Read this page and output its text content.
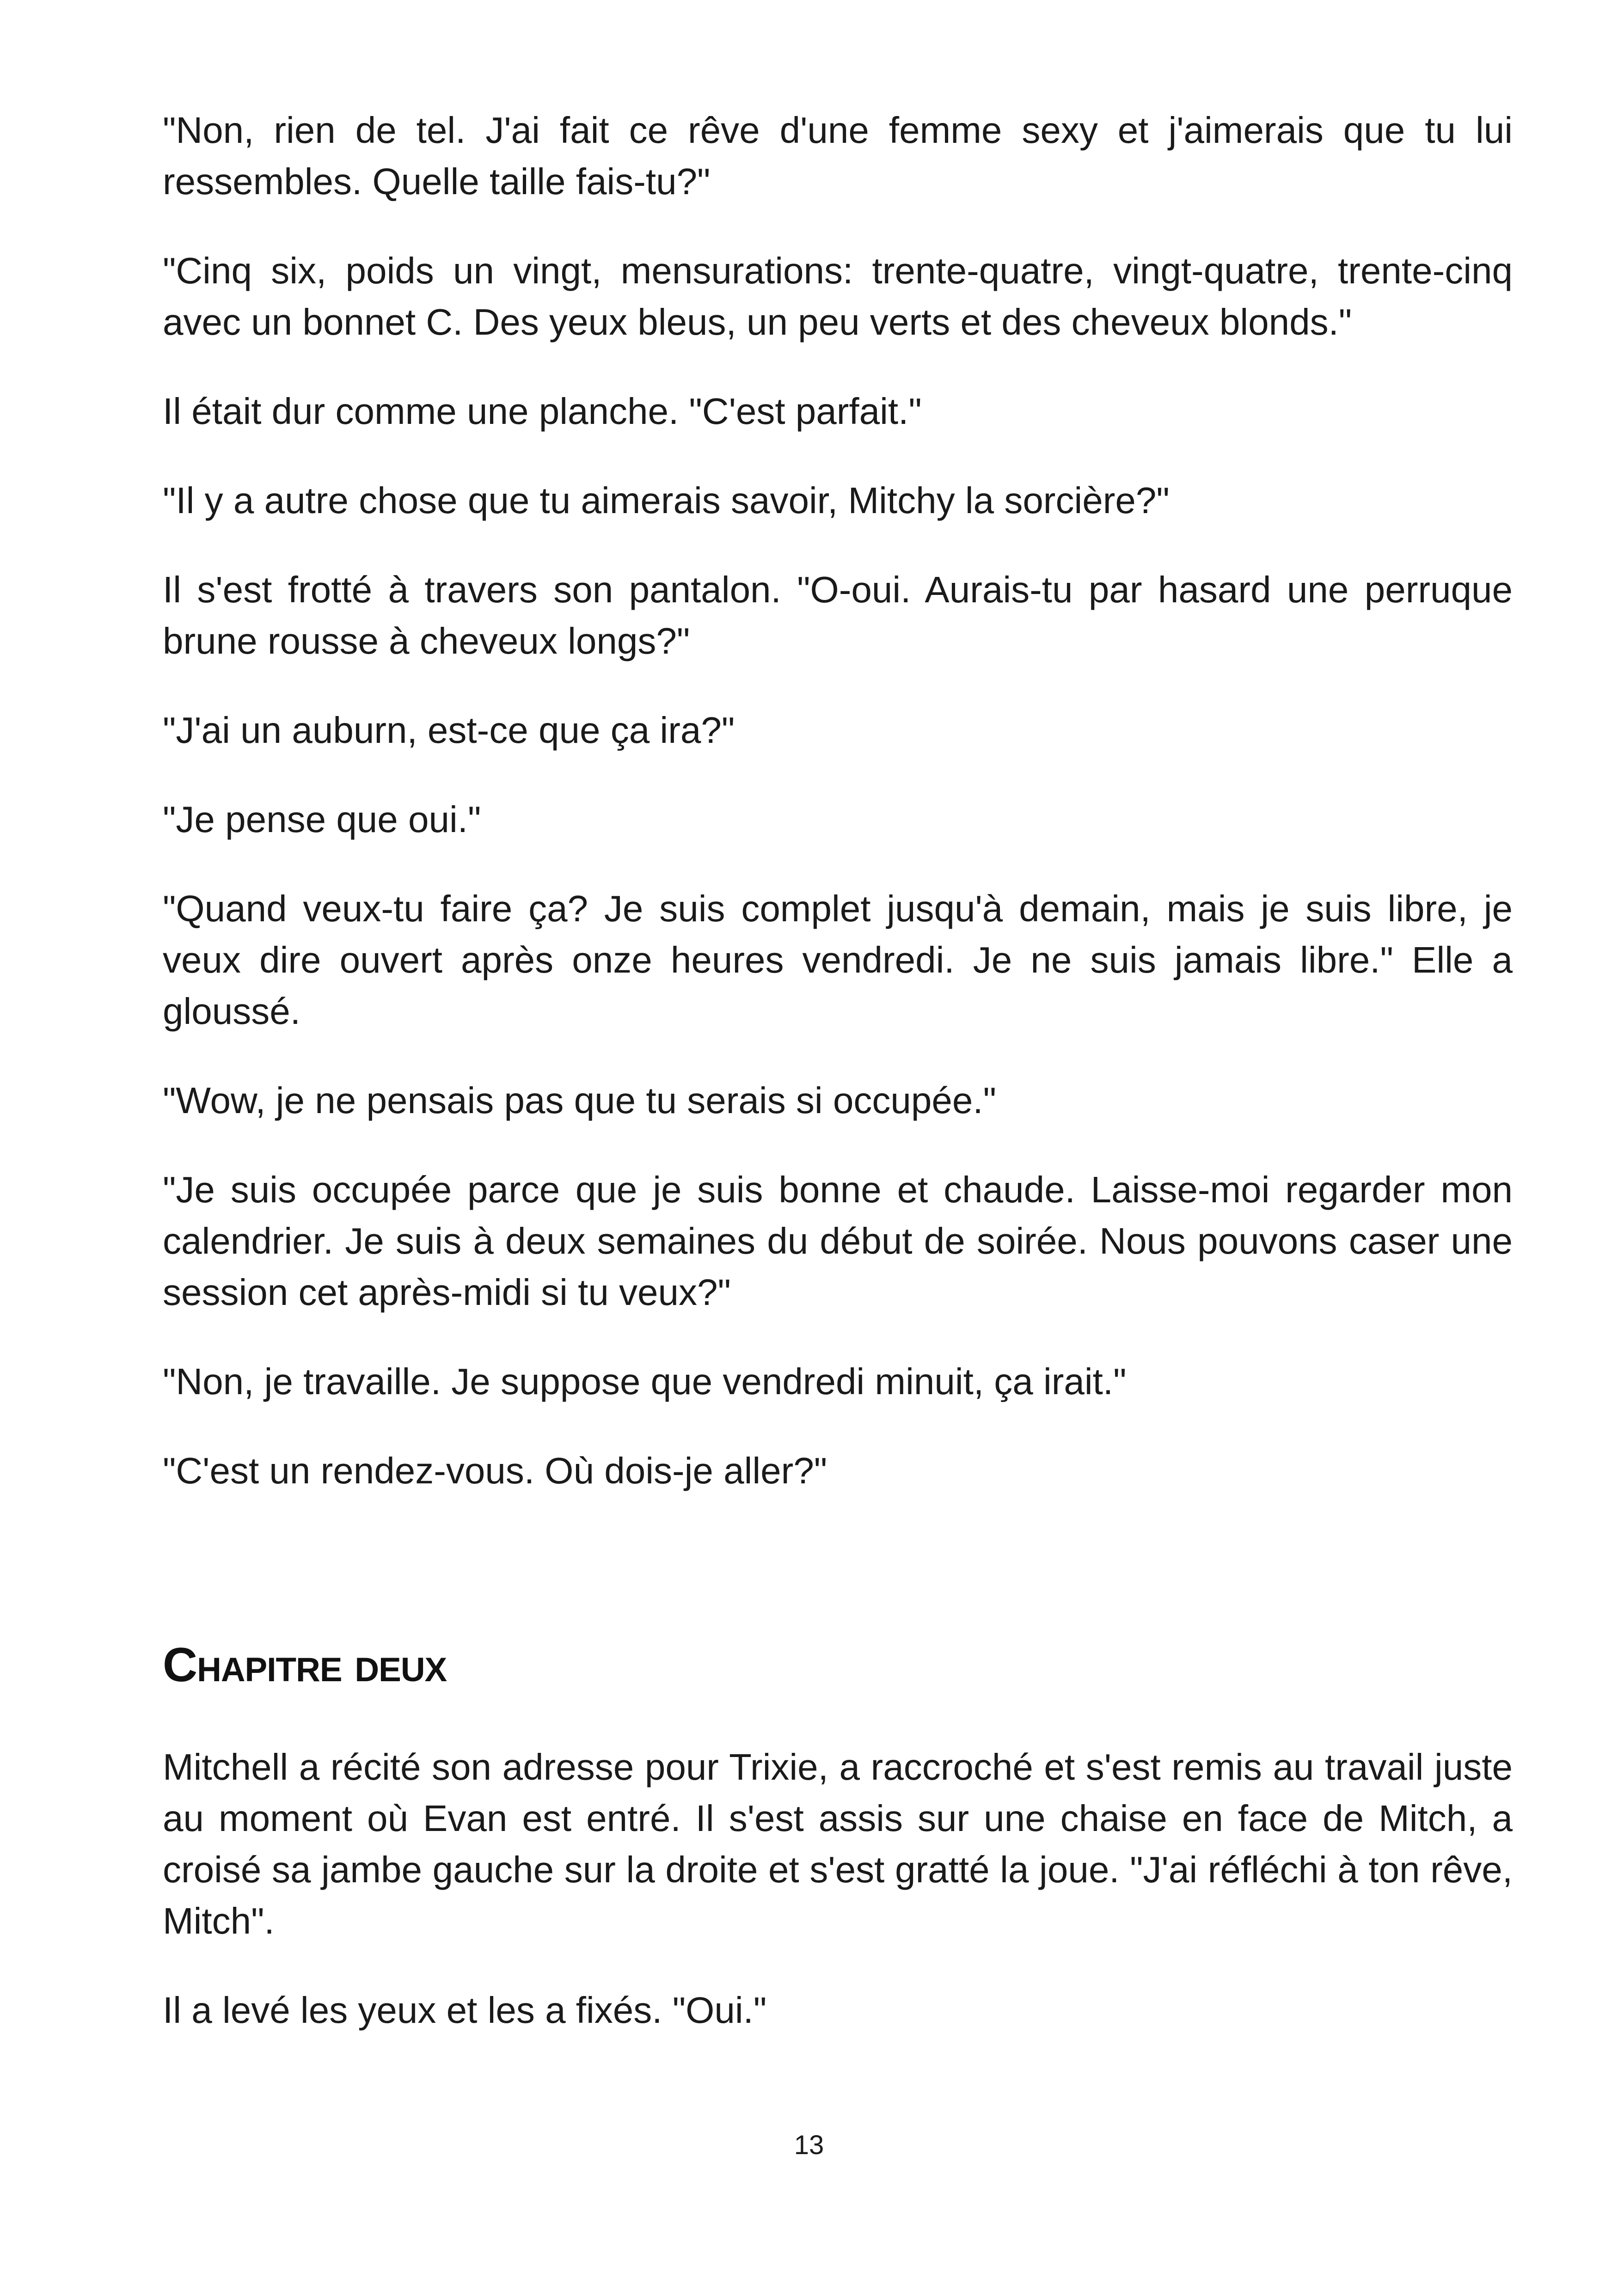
"Non, rien de tel. J'ai fait ce rêve d'une femme sexy et j'aimerais que tu lui ressembles. Quelle taille fais-tu?"

"Cinq six, poids un vingt, mensurations: trente-quatre, vingt-quatre, trente-cinq avec un bonnet C. Des yeux bleus, un peu verts et des cheveux blonds."

Il était dur comme une planche. "C'est parfait."

"Il y a autre chose que tu aimerais savoir, Mitchy la sorcière?"

Il s'est frotté à travers son pantalon. "O-oui. Aurais-tu par hasard une perruque brune rousse à cheveux longs?"

"J'ai un auburn, est-ce que ça ira?"

"Je pense que oui."

"Quand veux-tu faire ça? Je suis complet jusqu'à demain, mais je suis libre, je veux dire ouvert après onze heures vendredi. Je ne suis jamais libre." Elle a gloussé.

"Wow, je ne pensais pas que tu serais si occupée."

"Je suis occupée parce que je suis bonne et chaude. Laisse-moi regarder mon calendrier. Je suis à deux semaines du début de soirée. Nous pouvons caser une session cet après-midi si tu veux?"

"Non, je travaille. Je suppose que vendredi minuit, ça irait."

"C'est un rendez-vous. Où dois-je aller?"

Chapitre deux

Mitchell a récité son adresse pour Trixie, a raccroché et s'est remis au travail juste au moment où Evan est entré. Il s'est assis sur une chaise en face de Mitch, a croisé sa jambe gauche sur la droite et s'est gratté la joue. "J'ai réfléchi à ton rêve, Mitch".

Il a levé les yeux et les a fixés. "Oui."

13
